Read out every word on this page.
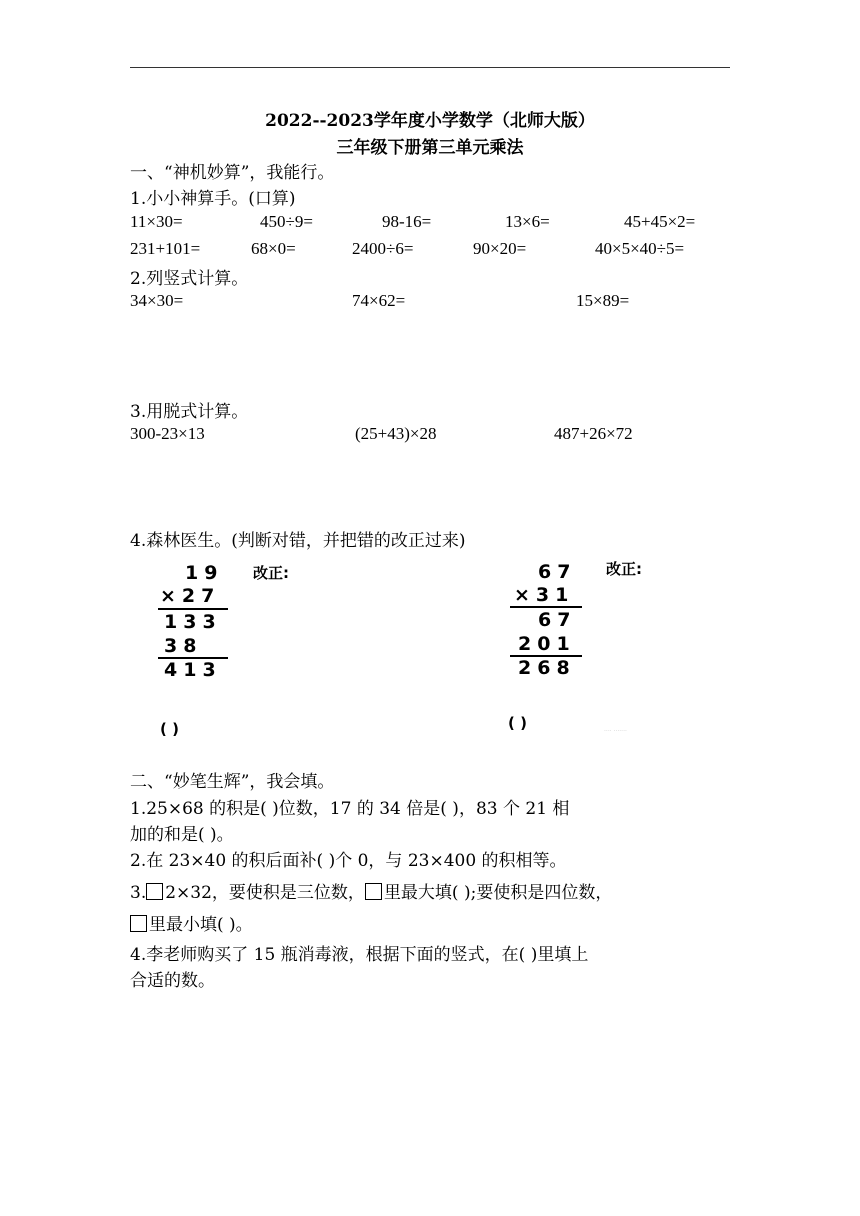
2022--2023学年度小学数学（北师大版）
三年级下册第三单元乘法
一、“神机妙算”，我能行。
1.小小神算手。(口算)
11×30=	450÷9=	98-16=	13×6=	45+45×2=
231+101=	68×0=	2400÷6=	90×20=	40×5×40÷5=
2.列竖式计算。
34×30=	74×62=	15×89=
3.用脱式计算。
300-23×13	(25+43)×28	487+26×72
4.森林医生。(判断对错，并把错的改正过来)
19
×27
133
38
413
改正:
( )
67
×31
67
201
268
改正:
( )	···· ·······
二、“妙笔生辉”，我会填。
1.25×68 的积是( )位数，17 的 34 倍是( )，83 个 21 相
加的和是( )。
2.在 23×40 的积后面补( )个 0，与 23×400 的积相等。
3. 2×32，要使积是三位数， 里最大填( );要使积是四位数，
里最小填( )。
4.李老师购买了 15 瓶消毒液，根据下面的竖式，在( )里填上
合适的数。
